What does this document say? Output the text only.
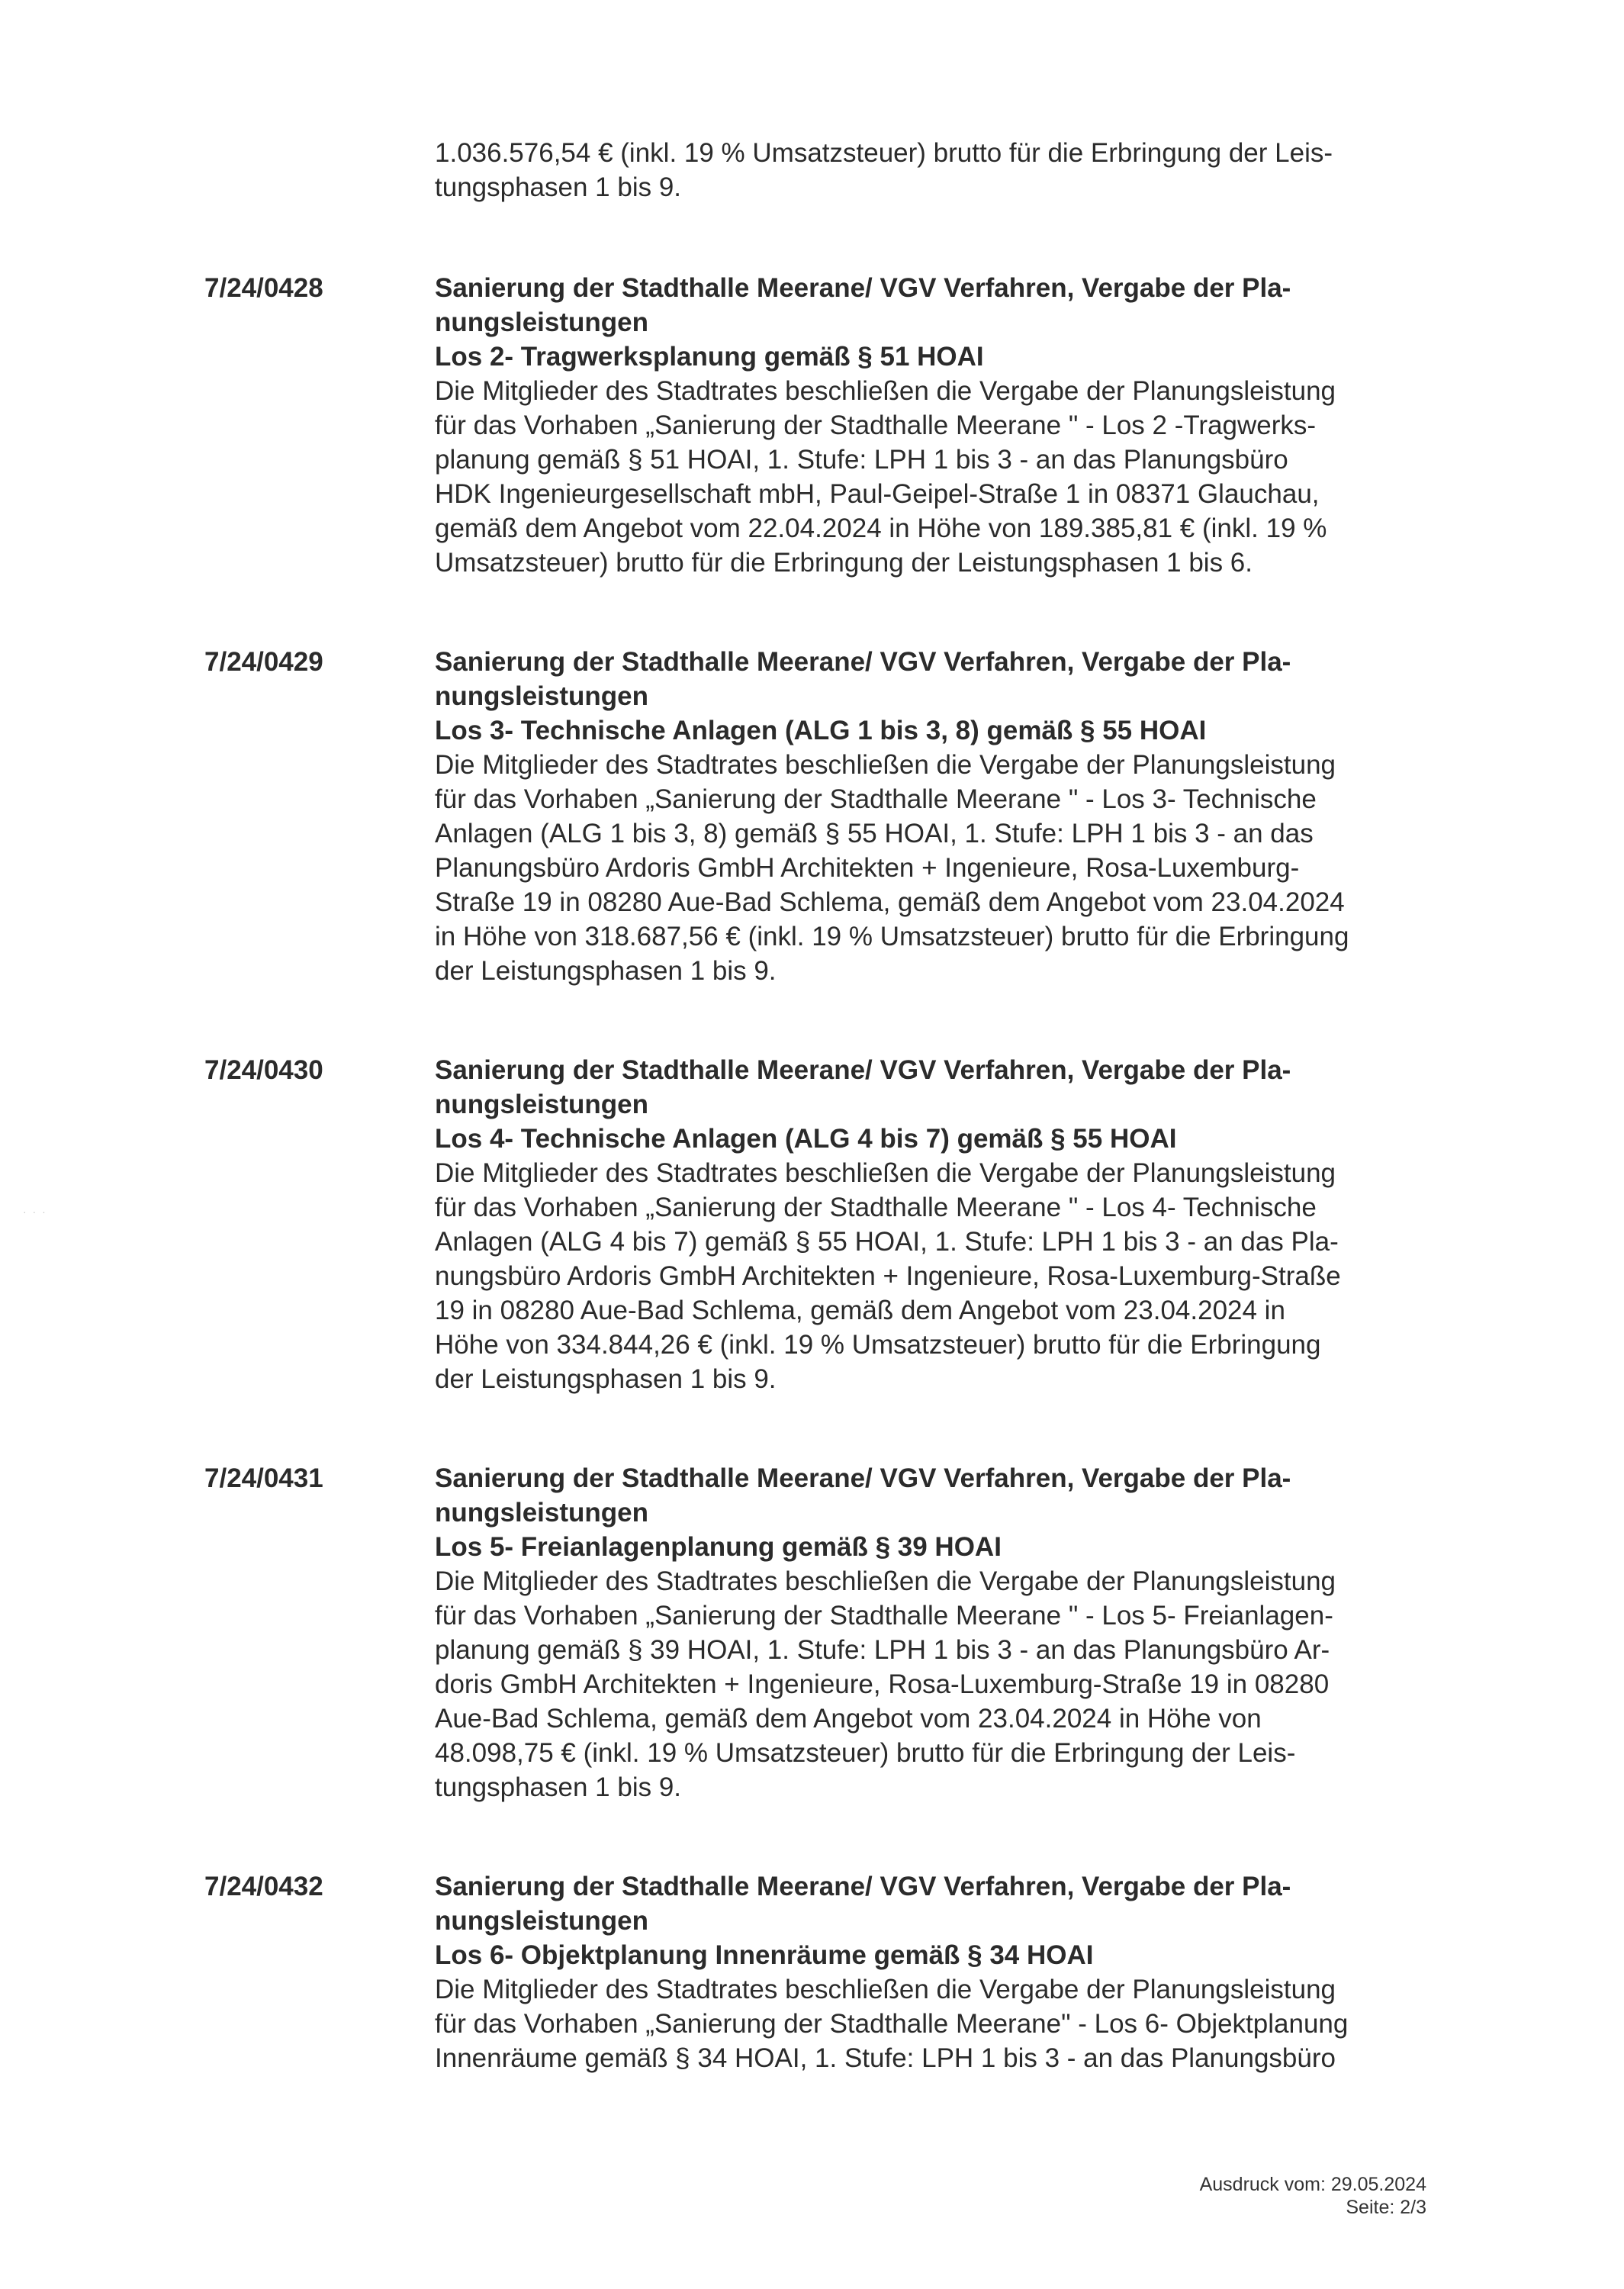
1.036.576,54 € (inkl. 19 % Umsatzsteuer) brutto für die Erbringung der Leis-
tungsphasen 1 bis 9.
7/24/0428	Sanierung der Stadthalle Meerane/ VGV Verfahren, Vergabe der Pla-
nungsleistungen
Los 2- Tragwerksplanung gemäß § 51 HOAI
Die Mitglieder des Stadtrates beschließen die Vergabe der Planungsleistung
für das Vorhaben „Sanierung der Stadthalle Meerane " - Los 2 -Tragwerks-
planung gemäß § 51 HOAI, 1. Stufe: LPH 1 bis 3 - an das Planungsbüro
HDK Ingenieurgesellschaft mbH, Paul-Geipel-Straße 1 in 08371 Glauchau,
gemäß dem Angebot vom 22.04.2024 in Höhe von 189.385,81 € (inkl. 19 %
Umsatzsteuer) brutto für die Erbringung der Leistungsphasen 1 bis 6.
7/24/0429	Sanierung der Stadthalle Meerane/ VGV Verfahren, Vergabe der Pla-
nungsleistungen
Los 3- Technische Anlagen (ALG 1 bis 3, 8) gemäß § 55 HOAI
Die Mitglieder des Stadtrates beschließen die Vergabe der Planungsleistung
für das Vorhaben „Sanierung der Stadthalle Meerane " - Los 3- Technische
Anlagen (ALG 1 bis 3, 8) gemäß § 55 HOAI, 1. Stufe: LPH 1 bis 3 - an das
Planungsbüro Ardoris GmbH Architekten + Ingenieure, Rosa-Luxemburg-
Straße 19 in 08280 Aue-Bad Schlema, gemäß dem Angebot vom 23.04.2024
in Höhe von 318.687,56 € (inkl. 19 % Umsatzsteuer) brutto für die Erbringung
der Leistungsphasen 1 bis 9.
7/24/0430	Sanierung der Stadthalle Meerane/ VGV Verfahren, Vergabe der Pla-
nungsleistungen
Los 4- Technische Anlagen (ALG 4 bis 7) gemäß § 55 HOAI
Die Mitglieder des Stadtrates beschließen die Vergabe der Planungsleistung
für das Vorhaben „Sanierung der Stadthalle Meerane " - Los 4- Technische
Anlagen (ALG 4 bis 7) gemäß § 55 HOAI, 1. Stufe: LPH 1 bis 3 - an das Pla-
nungsbüro Ardoris GmbH Architekten + Ingenieure, Rosa-Luxemburg-Straße
19 in 08280 Aue-Bad Schlema, gemäß dem Angebot vom 23.04.2024 in
Höhe von 334.844,26 € (inkl. 19 % Umsatzsteuer) brutto für die Erbringung
der Leistungsphasen 1 bis 9.
7/24/0431	Sanierung der Stadthalle Meerane/ VGV Verfahren, Vergabe der Pla-
nungsleistungen
Los 5- Freianlagenplanung gemäß § 39 HOAI
Die Mitglieder des Stadtrates beschließen die Vergabe der Planungsleistung
für das Vorhaben „Sanierung der Stadthalle Meerane " - Los 5- Freianlagen-
planung gemäß § 39 HOAI, 1. Stufe: LPH 1 bis 3 - an das Planungsbüro Ar-
doris GmbH Architekten + Ingenieure, Rosa-Luxemburg-Straße 19 in 08280
Aue-Bad Schlema, gemäß dem Angebot vom 23.04.2024 in Höhe von
48.098,75 € (inkl. 19 % Umsatzsteuer) brutto für die Erbringung der Leis-
tungsphasen 1 bis 9.
7/24/0432	Sanierung der Stadthalle Meerane/ VGV Verfahren, Vergabe der Pla-
nungsleistungen
Los 6- Objektplanung Innenräume gemäß § 34 HOAI
Die Mitglieder des Stadtrates beschließen die Vergabe der Planungsleistung
für das Vorhaben „Sanierung der Stadthalle Meerane" - Los 6- Objektplanung
Innenräume gemäß § 34 HOAI, 1. Stufe: LPH 1 bis 3 - an das Planungsbüro
· · ·
Ausdruck vom: 29.05.2024
Seite: 2/3
